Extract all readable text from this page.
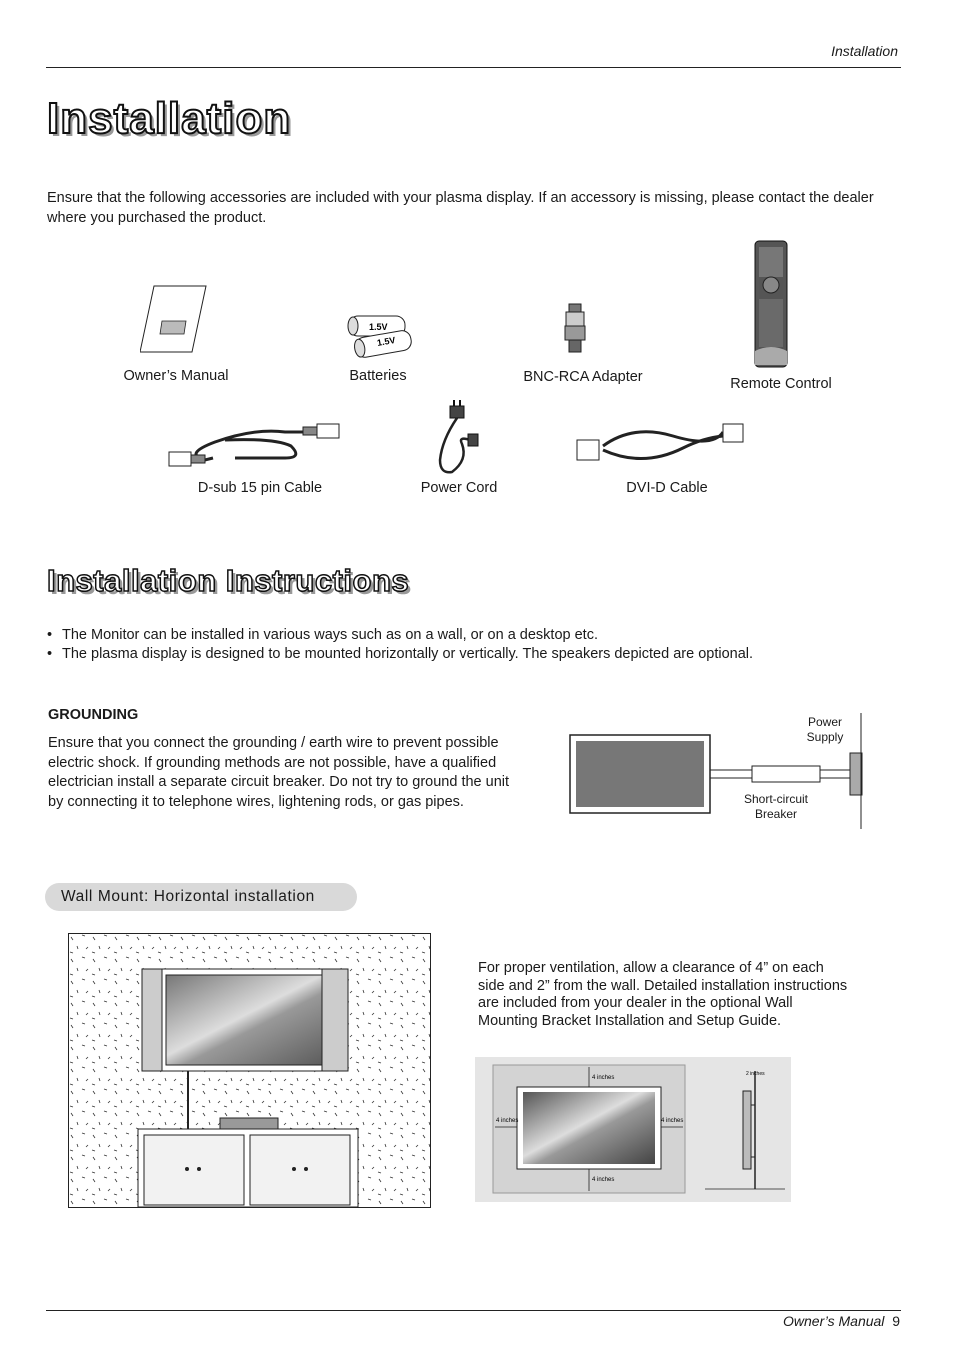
Installation
Installation
Ensure that the following accessories are included with your plasma display. If an accessory is missing, please contact the dealer where you purchased the product.
Owner’s Manual
1.5V
1.5V
Batteries	BNC-RCA Adapter	Remote Control
D-sub 15 pin Cable	Power Cord	DVI-D Cable
Installation Instructions
• The Monitor can be installed in various ways such as on a wall, or on a desktop etc.
• The plasma display is designed to be mounted horizontally or vertically. The speakers depicted are optional.
GROUNDING
Ensure that you connect the grounding / earth wire to prevent possible electric shock. If grounding methods are not possible, have a qualified electrician install a separate circuit breaker. Do not try to ground the unit by connecting it to telephone wires, lightening rods, or gas pipes.
Power
Supply
Short-circuit
Breaker
Wall Mount: Horizontal installation
For proper ventilation, allow a clearance of 4” on each side and 2” from the wall. Detailed installation instructions are included from your dealer in the optional Wall Mounting Bracket Installation and Setup Guide.
4 inches
4 inches
4 inches	4 inches
2 inches
Owner’s Manual 9
